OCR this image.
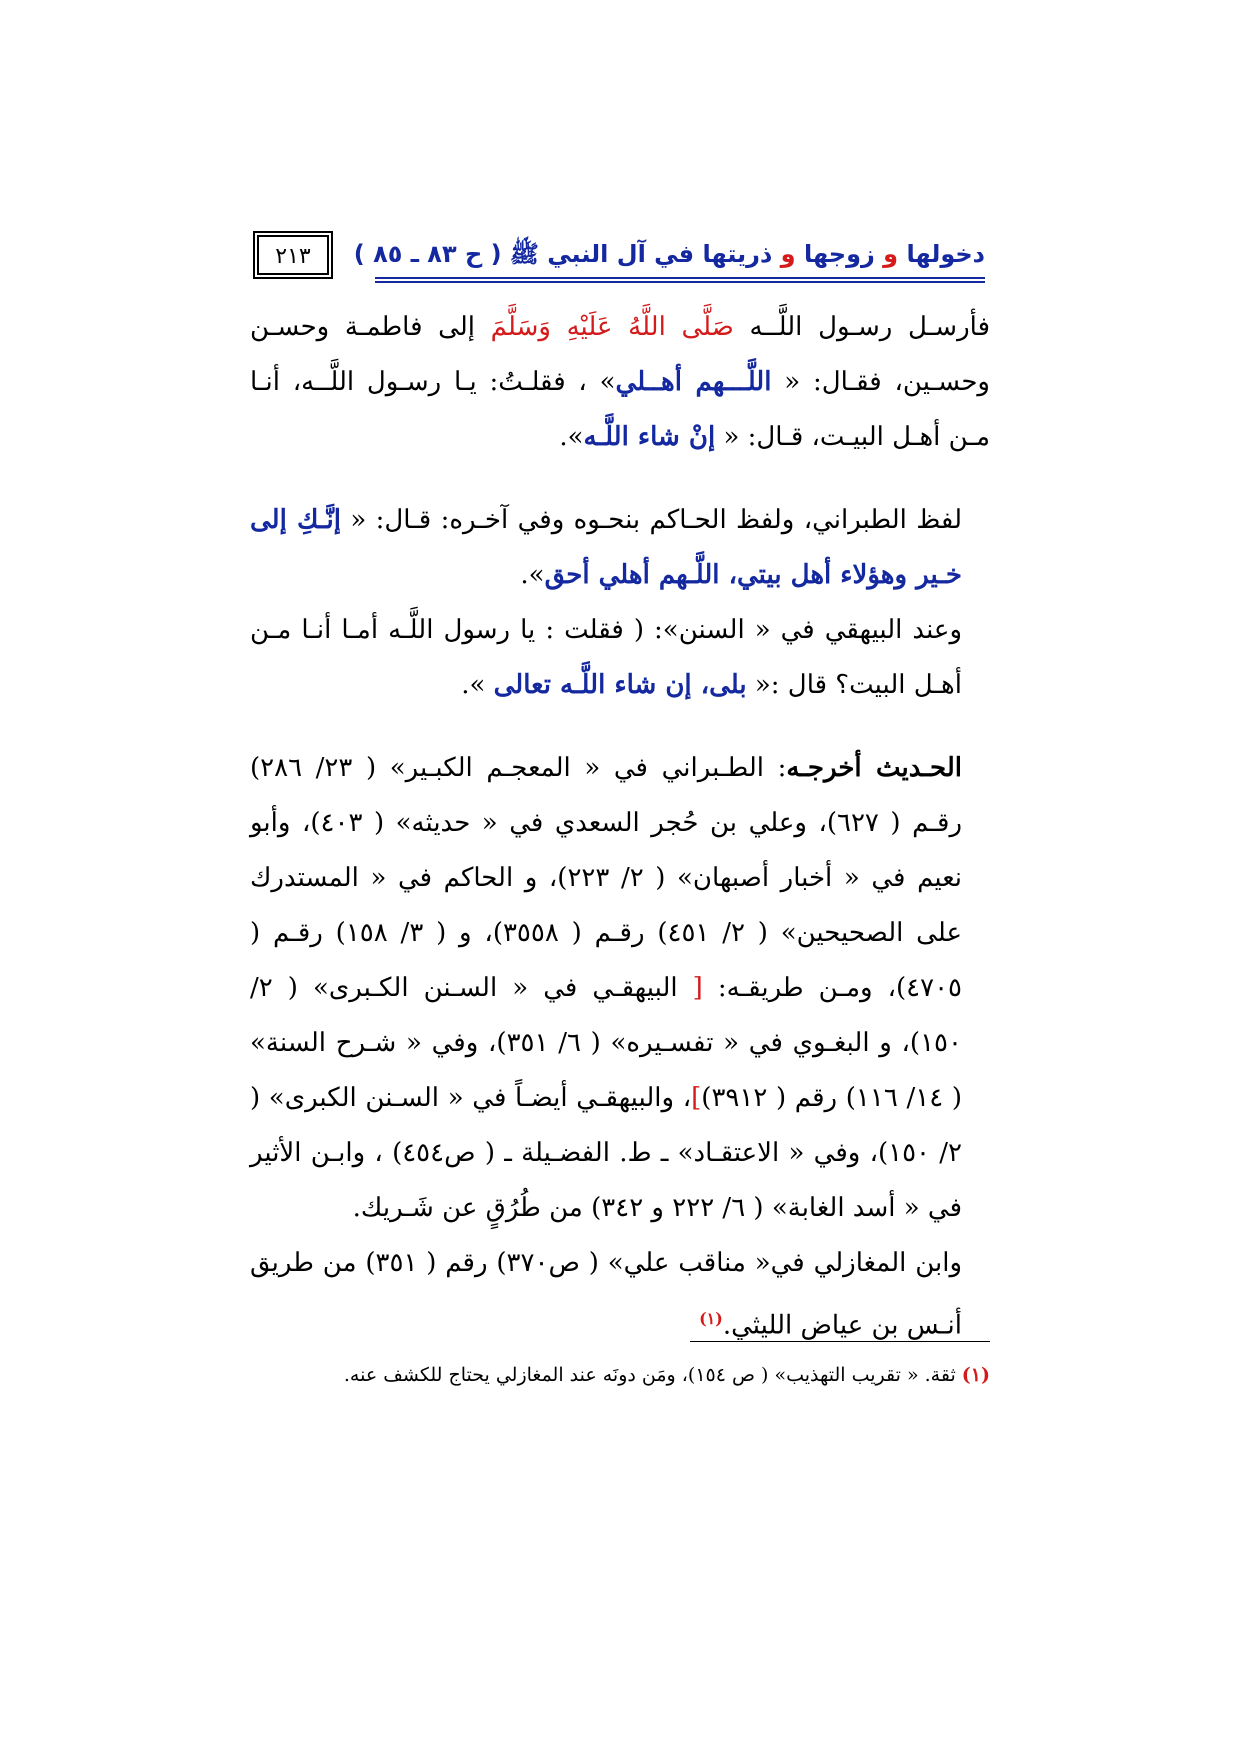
دخولها و زوجها و ذريتها في آل النبي ﷺ ( ح ٨٣ ـ ٨٥ )
٢١٣

فأرسـل رسـول اللَّــه صَلَّى اللَّهُ عَلَيْهِ وَسَلَّمَ إلى فاطمـة وحسـن وحسـين، فقـال: « اللَّـــهم أهــلي» ، فقلـتُ: يـا رسـول اللَّــه، أنـا مـن أهـل البيـت، قـال: « إنْ شاء اللَّـه».

لفظ الطبراني، ولفظ الحـاكم بنحـوه وفي آخـره: قـال: « إنَّـكِ إلى خـير وهؤلاء أهل بيتي، اللَّـهم أهلي أحق».

وعند البيهقي في « السنن»: ( فقلت : يا رسول اللَّـه أمـا أنـا مـن أهـل البيت؟ قال :« بلى، إن شاء اللَّـه تعالى ».

الحـديث أخرجـه: الطـبراني في « المعجـم الكبـير» ( ٢٣/ ٢٨٦) رقـم ( ٦٢٧)، وعلي بن حُجر السعدي في « حديثه» ( ٤٠٣)، وأبو نعيم في « أخبار أصبهان» ( ٢/ ٢٢٣)، و الحاكم في « المستدرك على الصحيحين» ( ٢/ ٤٥١) رقـم ( ٣٥٥٨)، و ( ٣/ ١٥٨) رقـم ( ٤٧٠٥)، ومـن طريقـه: [ البيهقـي في « السـنن الكـبرى» ( ٢/ ١٥٠)، و البغـوي في « تفسـيره» ( ٦/ ٣٥١)، وفي « شـرح السنة» ( ١٤/ ١١٦) رقم ( ٣٩١٢)]، والبيهقـي أيضـاً في « السـنن الكبرى» ( ٢/ ١٥٠)، وفي « الاعتقـاد» ـ ط. الفضـيلة ـ ( ص٤٥٤) ، وابـن الأثير في « أسد الغابة» ( ٦/ ٢٢٢ و ٣٤٢) من طُرُقٍ عن شَـريك.

وابن المغازلي في« مناقب علي» ( ص٣٧٠) رقم ( ٣٥١) من طريق أنـس بن عياض الليثي.$^{(١)}$

(١) ثقة. « تقريب التهذيب» ( ص ١٥٤)، ومَن دونَه عند المغازلي يحتاج للكشف عنه.
